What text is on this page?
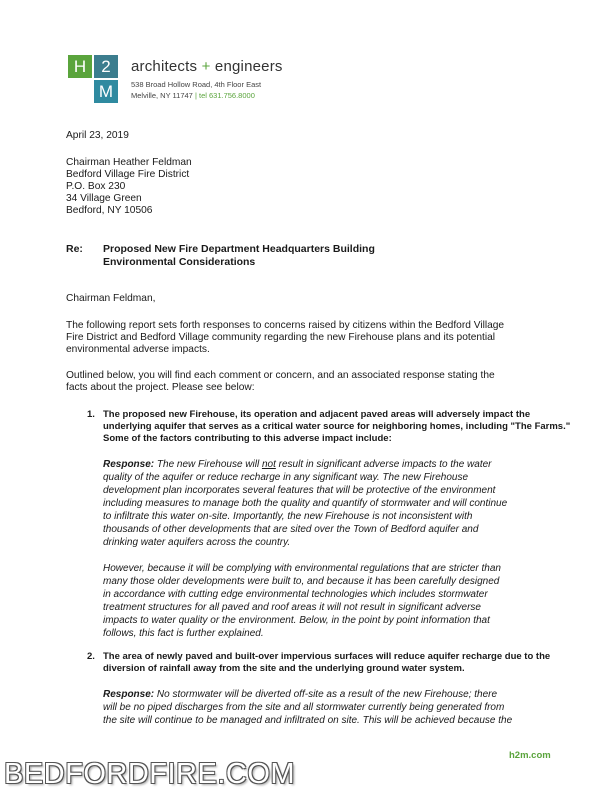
H 2
M
architects + engineers
538 Broad Hollow Road, 4th Floor East
Melville, NY 11747 | tel 631.756.8000
April 23, 2019
Chairman Heather Feldman
Bedford Village Fire District
P.O. Box 230
34 Village Green
Bedford, NY 10506
Re: Proposed New Fire Department Headquarters Building
Environmental Considerations
Chairman Feldman,
The following report sets forth responses to concerns raised by citizens within the Bedford Village
Fire District and Bedford Village community regarding the new Firehouse plans and its potential
environmental adverse impacts.
Outlined below, you will find each comment or concern, and an associated response stating the
facts about the project. Please see below:
1. The proposed new Firehouse, its operation and adjacent paved areas will adversely impact the
underlying aquifer that serves as a critical water source for neighboring homes, including "The Farms."
Some of the factors contributing to this adverse impact include:
Response: The new Firehouse will not result in significant adverse impacts to the water
quality of the aquifer or reduce recharge in any significant way. The new Firehouse
development plan incorporates several features that will be protective of the environment
including measures to manage both the quality and quantify of stormwater and will continue
to infiltrate this water on-site. Importantly, the new Firehouse is not inconsistent with
thousands of other developments that are sited over the Town of Bedford aquifer and
drinking water aquifers across the country.
However, because it will be complying with environmental regulations that are stricter than
many those older developments were built to, and because it has been carefully designed
in accordance with cutting edge environmental technologies which includes stormwater
treatment structures for all paved and roof areas it will not result in significant adverse
impacts to water quality or the environment. Below, in the point by point information that
follows, this fact is further explained.
2. The area of newly paved and built-over impervious surfaces will reduce aquifer recharge due to the
diversion of rainfall away from the site and the underlying ground water system.
Response: No stormwater will be diverted off-site as a result of the new Firehouse; there
will be no piped discharges from the site and all stormwater currently being generated from
the site will continue to be managed and infiltrated on site. This will be achieved because the
h2m.com
BEDFORDFIRE.COM
